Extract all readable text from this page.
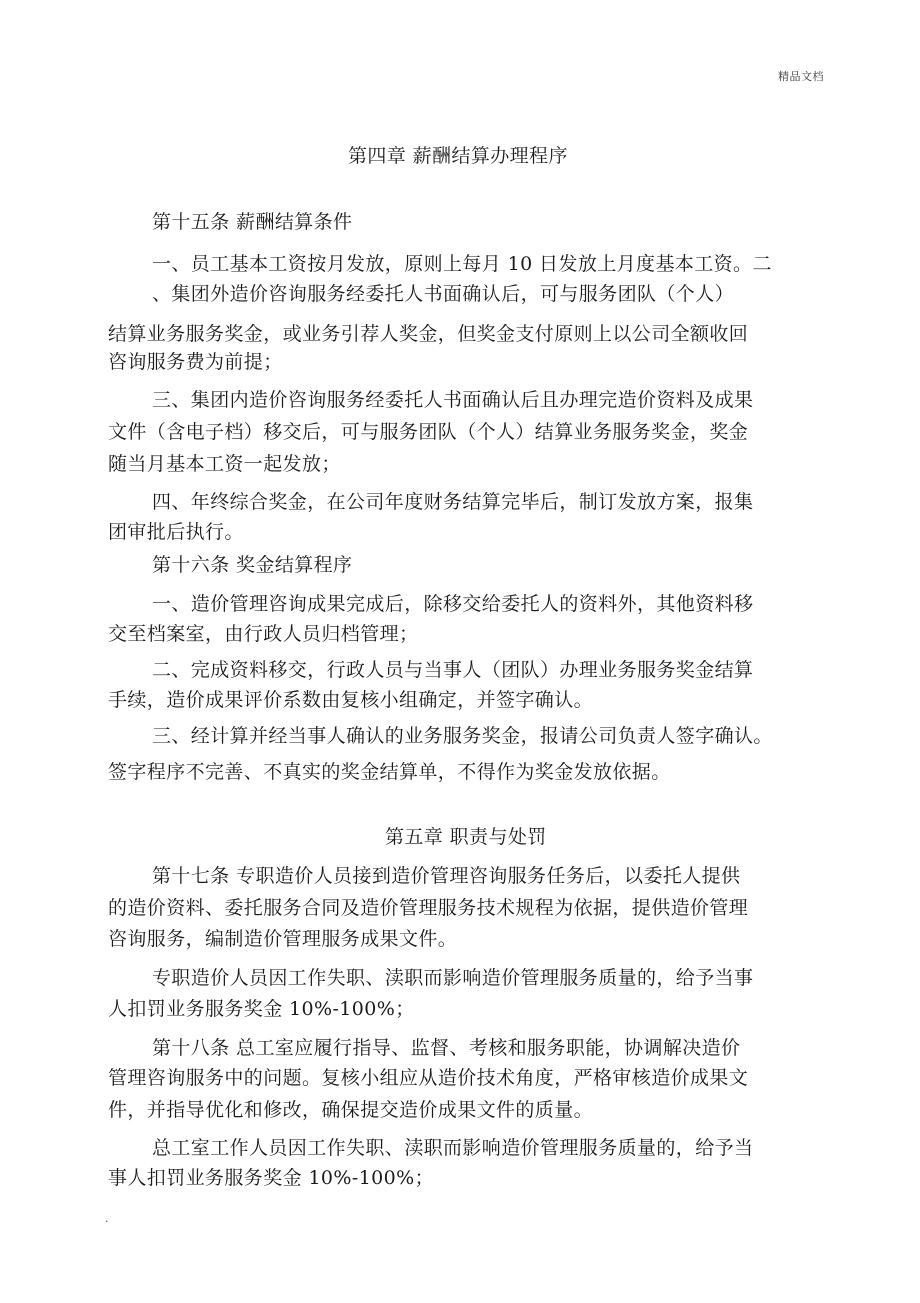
精品文档
第四章 薪酬结算办理程序
第十五条 薪酬结算条件
一、员工基本工资按月发放，原则上每月 10 日发放上月度基本工资。二
、集团外造价咨询服务经委托人书面确认后，可与服务团队（个人）
结算业务服务奖金，或业务引荐人奖金，但奖金支付原则上以公司全额收回
咨询服务费为前提；
三、集团内造价咨询服务经委托人书面确认后且办理完造价资料及成果
文件（含电子档）移交后，可与服务团队（个人）结算业务服务奖金，奖金
随当月基本工资一起发放；
四、年终综合奖金，在公司年度财务结算完毕后，制订发放方案，报集
团审批后执行。
第十六条 奖金结算程序
一、造价管理咨询成果完成后，除移交给委托人的资料外，其他资料移
交至档案室，由行政人员归档管理；
二、完成资料移交，行政人员与当事人（团队）办理业务服务奖金结算
手续，造价成果评价系数由复核小组确定，并签字确认。
三、经计算并经当事人确认的业务服务奖金，报请公司负责人签字确认。
签字程序不完善、不真实的奖金结算单，不得作为奖金发放依据。
第五章 职责与处罚
第十七条 专职造价人员接到造价管理咨询服务任务后，以委托人提供
的造价资料、委托服务合同及造价管理服务技术规程为依据，提供造价管理
咨询服务，编制造价管理服务成果文件。
专职造价人员因工作失职、渎职而影响造价管理服务质量的，给予当事
人扣罚业务服务奖金 10%-100%；
第十八条 总工室应履行指导、监督、考核和服务职能，协调解决造价
管理咨询服务中的问题。复核小组应从造价技术角度，严格审核造价成果文
件，并指导优化和修改，确保提交造价成果文件的质量。
总工室工作人员因工作失职、渎职而影响造价管理服务质量的，给予当
事人扣罚业务服务奖金 10%-100%；
.
